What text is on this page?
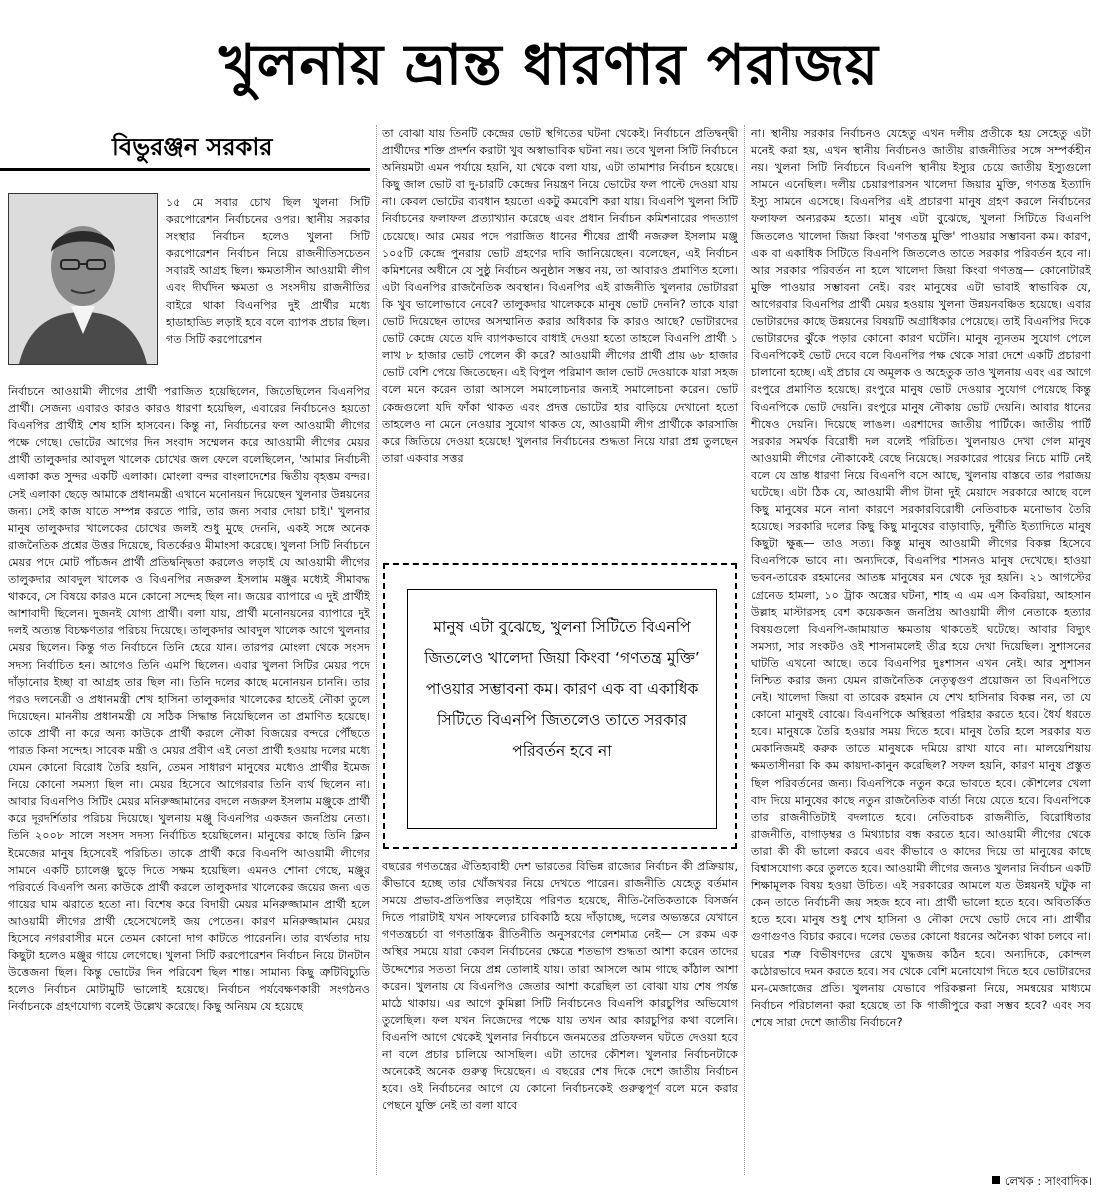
খুলনায় ভ্রান্ত ধারণার পরাজয়
বিভুরঞ্জন সরকার
১৫ মে সবার চোখ ছিল খুলনা সিটি করপোরেশন নির্বাচনের ওপর। স্থানীয় সরকার সংস্থার নির্বাচন হলেও খুলনা সিটি করপোরেশন নির্বাচন নিয়ে রাজনীতিসচেতন সবারই আগ্রহ ছিল। ক্ষমতাসীন আওয়ামী লীগ এবং দীর্ঘদিন ক্ষমতা ও সংসদীয় রাজনীতির বাইরে থাকা বিএনপির দুই প্রার্থীর মধ্যে হাডাহাড্ডি লড়াই হবে বলে ব্যাপক প্রচার ছিল। গত সিটি করপোরেশন
নির্বাচনে আওয়ামী লীগের প্রার্থী পরাজিত হয়েছিলেন, জিতেছিলেন বিএনপির প্রার্থী। সেজন্য এবারও কারও কারও ধারণা হয়েছিল, এবারের নির্বাচনেও হয়তো বিএনপির প্রার্থীই শেষ হাসি হাসবেন। কিন্তু না, নির্বাচনের ফল আওয়ামী লীগের পক্ষে গেছে। ভোটের আগের দিন সংবাদ সম্মেলন করে আওয়ামী লীগের মেয়র প্রার্থী তালুকদার আবদুল খালেক চোখের জল ফেলে বলেছিলেন, 'আমার নির্বাচনী এলাকা কত সুন্দর একটি এলাকা। মোংলা বন্দর বাংলাদেশের দ্বিতীয় বৃহত্তম বন্দর। সেই এলাকা ছেড়ে আমাকে প্রধানমন্ত্রী এখানে মনোনয়ন দিয়েছেন খুলনার উন্নয়নের জন্য। সেই কাজ যাতে সম্পন্ন করতে পারি, তার জন্য সবার দোয়া চাই।' খুলনার মানুষ তালুকদার খালেকের চোখের জলই শুধু মুছে দেননি, একই সঙ্গে অনেক রাজনৈতিক প্রশ্নের উত্তর দিয়েছে, বিতর্কেরও মীমাংসা করেছে। খুলনা সিটি নির্বাচনে মেয়র পদে মোট পাঁচজন প্রার্থী প্রতিদ্বন্দ্বিতা করলেও লড়াই যে আওয়ামী লীগের তালুকদার আবদুল খালেক ও বিএনপির নজরুল ইসলাম মঞ্জুর মধ্যেই সীমাবদ্ধ থাকবে, সে বিষয়ে কারও মনে কোনো সন্দেহ ছিল না। জয়ের ব্যাপারে এ দুই প্রার্থীই আশাবাদী ছিলেন। দুজনই যোগ্য প্রার্থী। বলা যায়, প্রার্থী মনোনয়নের ব্যাপারে দুই দলই অত্যন্ত বিচক্ষণতার পরিচয় দিয়েছে। তালুকদার আবদুল খালেক আগে খুলনার মেয়র ছিলেন। কিন্তু গত নির্বাচনে তিনি হেরে যান। তারপর মোংলা থেকে সংসদ সদস্য নির্বাচিত হন। আগেও তিনি এমপি ছিলেন। এবার খুলনা সিটির মেয়র পদে দাঁড়ানোর ইচ্ছা বা আগ্রহ তার ছিল না। তিনি দলের কাছে মনোনয়ন চাননি। তার পরও দলনেত্রী ও প্রধানমন্ত্রী শেখ হাসিনা তালুকদার খালেকের হাতেই নৌকা তুলে দিয়েছেন। মাননীয় প্রধানমন্ত্রী যে সঠিক সিদ্ধান্ত নিয়েছিলেন তা প্রমাণিত হয়েছে। তাকে প্রার্থী না করে অন্য কাউকে প্রার্থী করলে নৌকা বিজয়ের বন্দরে পৌঁছতে পারত কিনা সন্দেহ। সাবেক মন্ত্রী ও মেয়র প্রবীণ এই নেতা প্রার্থী হওয়ায় দলের মধ্যে যেমন কোনো বিরোধ তৈরি হয়নি, তেমন সাধারণ মানুষের মধ্যেও প্রার্থীর ইমেজ নিয়ে কোনো সমস্যা ছিল না। মেয়র হিসেবে আগেরবার তিনি ব্যর্থ ছিলেন না। আবার বিএনপিও সিটিং মেয়র মনিরুজ্জামানের বদলে নজরুল ইসলাম মঞ্জুকে প্রার্থী করে দূরদর্শিতার পরিচয় দিয়েছে। খুলনায় মঞ্জু বিএনপির একজন জনপ্রিয় নেতা। তিনি ২০০৮ সালে সংসদ সদস্য নির্বাচিত হয়েছিলেন। মানুষের কাছে তিনি ক্লিন ইমেজের মানুষ হিসেবেই পরিচিত। তাকে প্রার্থী করে বিএনপি আওয়ামী লীগের সামনে একটি চ্যালেঞ্জ ছুড়ে দিতে সক্ষম হয়েছিল। এমনও শোনা গেছে, মঞ্জুর পরিবর্তে বিএনপি অন্য কাউকে প্রার্থী করলে তালুকদার খালেকের জয়ের জন্য এত গায়ের ঘাম ঝরাতে হতো না। বিশেষ করে বিদায়ী মেয়র মনিরুজ্জামান প্রার্থী হলে আওয়ামী লীগের প্রার্থী হেসেখেলেই জয় পেতেন। কারণ মনিরুজ্জামান মেয়র হিসেবে নগরবাসীর মনে তেমন কোনো দাগ কাটতে পারেননি। তার ব্যর্থতার দায় কিছুটা হলেও মঞ্জুর গায়ে লেগেছে। খুলনা সিটি করপোরেশন নির্বাচন নিয়ে টানটান উত্তেজনা ছিল। কিন্তু ভোটের দিন পরিবেশ ছিল শান্ত। সামান্য কিছু ত্রুটিবিচ্যুতি হলেও নির্বাচন মোটামুটি ভালোই হয়েছে। নির্বাচন পর্যবেক্ষণকারী সংগঠনও নির্বাচনকে গ্রহণযোগ্য বলেই উল্লেখ করেছে। কিছু অনিয়ম যে হয়েছে
তা বোঝা যায় তিনটি কেন্দ্রের ভোট স্থগিতের ঘটনা থেকেই। নির্বাচনে প্রতিদ্বন্দ্বী প্রার্থীদের শক্তি প্রদর্শন করাটা খুব অস্বাভাবিক ঘটনা নয়। তবে খুলনা সিটি নির্বাচনে অনিয়মটা এমন পর্যায়ে হয়নি, যা থেকে বলা যায়, এটা তামাশার নির্বাচন হয়েছে। কিছু জাল ভোট বা দু-চারটি কেন্দ্রের নিয়ন্ত্রণ নিয়ে ভোটের ফল পাল্টে দেওয়া যায় না। কেবল ভোটের ব্যবধান হয়তো একটু কমবেশি করা যায়। বিএনপি খুলনা সিটি নির্বাচনের ফলাফল প্রত্যাখ্যান করেছে এবং প্রধান নির্বাচন কমিশনারের পদত্যাগ চেয়েছে। আর মেয়র পদে পরাজিত ধানের শীষের প্রার্থী নজরুল ইসলাম মঞ্জু ১০৫টি কেন্দ্রে পুনরায় ভোট গ্রহণের দাবি জানিয়েছেন। বলেছেন, এই নির্বাচন কমিশনের অধীনে যে সুষ্ঠু নির্বাচন অনুষ্ঠান সম্ভব নয়, তা আবারও প্রমাণিত হলো। এটা বিএনপির রাজনৈতিক অবস্থান। বিএনপির এই রাজনীতি খুলনার ভোটাররা কি খুব ভালোভাবে নেবে? তালুকদার খালেককে মানুষ ভোট দেননি? তাকে যারা ভোট দিয়েছেন তাদের অসম্মানিত করার অধিকার কি কারও আছে? ভোটারদের ভোট কেন্দ্রে যেতে যদি ব্যাপকভাবে বাধাই দেওয়া হতো তাহলে বিএনপি প্রার্থী ১ লাখ ৮ হাজার ভোট পেলেন কী করে? আওয়ামী লীগের প্রার্থী প্রায় ৬৮ হাজার ভোট বেশি পেয়ে জিতেছেন। এই বিপুল পরিমাণ জাল ভোট দেওয়াকে যারা সহজ বলে মনে করেন তারা আসলে সমালোচনার জন্যই সমালোচনা করেন। ভোট কেন্দ্রগুলো যদি ফাঁকা থাকত এবং প্রদত্ত ভোটের হার বাড়িয়ে দেখানো হতো তাহলেও না মেনে নেওয়ার সুযোগ থাকত যে, আওয়ামী লীগ প্রার্থীকে কারসাজি করে জিতিয়ে দেওয়া হয়েছে! খুলনার নির্বাচনের শুদ্ধতা নিয়ে যারা প্রশ্ন তুলছেন তারা একবার সত্তর
মানুষ এটা বুঝেছে, খুলনা সিটিতে বিএনপি জিতলেও খালেদা জিয়া কিংবা ‘গণতন্ত্র মুক্তি’ পাওয়ার সম্ভাবনা কম। কারণ এক বা একাধিক সিটিতে বিএনপি জিতলেও তাতে সরকার পরিবর্তন হবে না
বছরের গণতন্ত্রের ঐতিহ্যবাহী দেশ ভারতের বিভিন্ন রাজ্যের নির্বাচন কী প্রক্রিয়ায়, কীভাবে হচ্ছে তার খোঁজখবর নিয়ে দেখতে পারেন। রাজনীতি যেহেতু বর্তমান সময়ে প্রভাব-প্রতিপত্তির লড়াইয়ে পরিণত হয়েছে, নীতি-নৈতিকতাকে বিসর্জন দিতে পারাটাই যখন সাফল্যের চাবিকাঠি হয়ে দাঁড়াচ্ছে, দলের অভ্যন্তরে যেখানে গণতন্ত্রচর্চা বা গণতান্ত্রিক রীতিনীতি অনুসরণের লেশমাত্র নেই— সে রকম এক অস্থির সময়ে যারা কেবল নির্বাচনের ক্ষেত্রে শতভাগ শুদ্ধতা আশা করেন তাদের উদ্দেশ্যের সততা নিয়ে প্রশ্ন তোলাই যায়। তারা আসলে আম গাছে কাঁঠাল আশা করেন। খুলনায় যে বিএনপিও জেতার আশা করেছিল তা বোঝা যায় শেষ পর্যন্ত মাঠে থাকায়। এর আগে কুমিল্লা সিটি নির্বাচনেও বিএনপি কারচুপির অভিযোগ তুলেছিল। ফল যখন নিজেদের পক্ষে যায় তখন আর কারচুপির কথা বলেনি। বিএনপি আগে থেকেই খুলনার নির্বাচনে জনমতের প্রতিফলন ঘটতে দেওয়া হবে না বলে প্রচার চালিয়ে আসছিল। এটা তাদের কৌশল। খুলনার নির্বাচনটাকে অনেকেই অনেক গুরুত্ব দিয়েছেন। এ বছরের শেষ দিকে দেশে জাতীয় নির্বাচন হবে। ওই নির্বাচনের আগে যে কোনো নির্বাচনকেই গুরুত্বপূর্ণ বলে মনে করার পেছনে যুক্তি নেই তা বলা যাবে
না। স্থানীয় সরকার নির্বাচনও যেহেতু এখন দলীয় প্রতীকে হয় সেহেতু এটা মনেই করা হয়, এখন স্থানীয় নির্বাচনও জাতীয় রাজনীতির সঙ্গে সম্পর্কহীন নয়। খুলনা সিটি নির্বাচনে বিএনপি স্থানীয় ইস্যুর চেয়ে জাতীয় ইস্যুগুলো সামনে এনেছিল। দলীয় চেয়ারপারসন খালেদা জিয়ার মুক্তি, গণতন্ত্র ইত্যাদি ইস্যু সামনে এসেছে। বিএনপির এই প্রচারণা মানুষ গ্রহণ করলে নির্বাচনের ফলাফল অন্যরকম হতো। মানুষ এটা বুঝেছে, খুলনা সিটিতে বিএনপি জিতলেও খালেদা জিয়া কিংবা 'গণতন্ত্র মুক্তি' পাওয়ার সম্ভাবনা কম। কারণ, এক বা একাধিক সিটিতে বিএনপি জিতলেও তাতে সরকার পরিবর্তন হবে না। আর সরকার পরিবর্তন না হলে খালেদা জিয়া কিংবা গণতন্ত্র— কোনোটারই মুক্তি পাওয়ার সম্ভাবনা নেই। বরং মানুষের এটা ভাবাই স্বাভাবিক যে, আগেরবার বিএনপির প্রার্থী মেয়র হওয়ায় খুলনা উন্নয়নবঞ্চিত হয়েছে। এবার ভোটারদের কাছে উন্নয়নের বিষয়টি অগ্রাধিকার পেয়েছে। তাই বিএনপির দিকে ভোটারদের ঝুঁকে পড়ার কোনো কারণ ঘটেনি। মানুষ ন্যূনতম সুযোগ পেলে বিএনপিকেই ভোট দেবে বলে বিএনপির পক্ষ থেকে সারা দেশে একটি প্রচারণা চালানো হচ্ছে। এই প্রচার যে অমূলক ও অহেতুক তাও খুলনায় এবং এর আগে রংপুরে প্রমাণিত হয়েছে। রংপুরে মানুষ ভোট দেওয়ার সুযোগ পেয়েছে কিন্তু বিএনপিকে ভোট দেয়নি। রংপুরে মানুষ নৌকায় ভোট দেয়নি। আবার ধানের শীষেও দেয়নি। দিয়েছে লাঙল। এরশাদের জাতীয় পার্টিকে। জাতীয় পার্টি সরকার সমর্থক বিরোধী দল বলেই পরিচিত। খুলনায়ও দেখা গেল মানুষ আওয়ামী লীগের নৌকাকেই বেছে নিয়েছে। সরকারের পায়ের নিচে মাটি নেই বলে যে ভ্রান্ত ধারণা নিয়ে বিএনপি বসে আছে, খুলনায় বাস্তবে তার পরাজয় ঘটেছে। এটা ঠিক যে, আওয়ামী লীগ টানা দুই মেয়াদে সরকারে আছে বলে কিছু মানুষের মনে নানা কারণে সরকারবিরোধী নেতিবাচক মনোভাব তৈরি হয়েছে। সরকারি দলের কিছু কিছু মানুষের বাড়াবাড়ি, দুর্নীতি ইত্যাদিতে মানুষ কিছুটা ক্ষুব্ধ— তাও সত্য। কিন্তু মানুষ আওয়ামী লীগের বিকল্প হিসেবে বিএনপিকে ভাবে না। অন্যদিকে, বিএনপির শাসনও মানুষ দেখেছে। হাওয়া ভবন-তারেক রহমানের আতঙ্ক মানুষের মন থেকে দূর হয়নি। ২১ আগস্টের গ্রেনেড হামলা, ১০ ট্রাক অস্ত্রের ঘটনা, শাহ এ এম এস কিবরিয়া, আহসান উল্লাহ মাস্টারসহ বেশ কয়েকজন জনপ্রিয় আওয়ামী লীগ নেতাকে হত্যার বিষয়গুলো বিএনপি-জামায়াত ক্ষমতায় থাকতেই ঘটেছে। আবার বিদ্যুৎ সমস্যা, সার সংকটও ওই শাসনামলেই তীব্র হয়ে দেখা দিয়েছিল। সুশাসনের ঘাটতি এখনো আছে। তবে বিএনপির দুঃশাসন এখন নেই। আর সুশাসন নিশ্চিত করার জন্য যেমন রাজনৈতিক নেতৃত্বগুণ প্রয়োজন তা বিএনপিতে নেই। খালেদা জিয়া বা তারেক রহমান যে শেখ হাসিনার বিকল্প নন, তা যে কোনো মানুষই বোঝে। বিএনপিকে অস্থিরতা পরিহার করতে হবে। ধৈর্য ধরতে হবে। মানুষকে তৈরি হওয়ার সময় দিতে হবে। মানুষ তৈরি হলে সরকার যত মেকানিজমই করুক তাতে মানুষকে দমিয়ে রাখা যাবে না। মালয়েশিয়ায় ক্ষমতাসীনরা কি কম কায়দা-কানুন করেছিল? সফল হয়নি, কারণ মানুষ প্রস্তুত ছিল পরিবর্তনের জন্য। বিএনপিকে নতুন করে ভাবতে হবে। কৌশলের খেলা বাদ দিয়ে মানুষের কাছে নতুন রাজনৈতিক বার্তা নিয়ে যেতে হবে। বিএনপিকে তার রাজনীতিটাই বদলাতে হবে। নেতিবাচক রাজনীতি, বিরোধিতার রাজনীতি, বাগাড়ম্বর ও মিথ্যাচার বন্ধ করতে হবে। আওয়ামী লীগের থেকে তারা কী কী ভালো করবে এবং কীভাবে ও কাদের দিয়ে তা মানুষের কাছে বিশ্বাসযোগ্য করে তুলতে হবে। আওয়ামী লীগের জন্যও খুলনার নির্বাচন একটি শিক্ষামূলক বিষয় হওয়া উচিত। এই সরকারের আমলে যত উন্নয়নই ঘটুক না কেন তাতে নির্বাচনী জয় সহজ হবে না। প্রার্থী ভালো হতে হবে। অবিতর্কিত হতে হবে। মানুষ শুধু শেখ হাসিনা ও নৌকা দেখে ভোট দেবে না। প্রার্থীর গুণাগুণও বিচার করবে। দলের ভেতর কোনো ধরনের অনৈক্য থাকা চলবে না। ঘরের শত্রু বিভীষণদের রেখে যুদ্ধজয় কঠিন হবে। অন্যদিকে, কোন্দল কঠোরভাবে দমন করতে হবে। সব থেকে বেশি মনোযোগ দিতে হবে ভোটারদের মন-মেজাজের প্রতি। খুলনায় যেভাবে পরিকল্পনা নিয়ে, সমন্বয়ের মাধ্যমে নির্বাচন পরিচালনা করা হয়েছে তা কি গাজীপুরে করা সম্ভব হবে? এবং সব শেষে সারা দেশে জাতীয় নির্বাচনে?
লেখক : সাংবাদিক।
